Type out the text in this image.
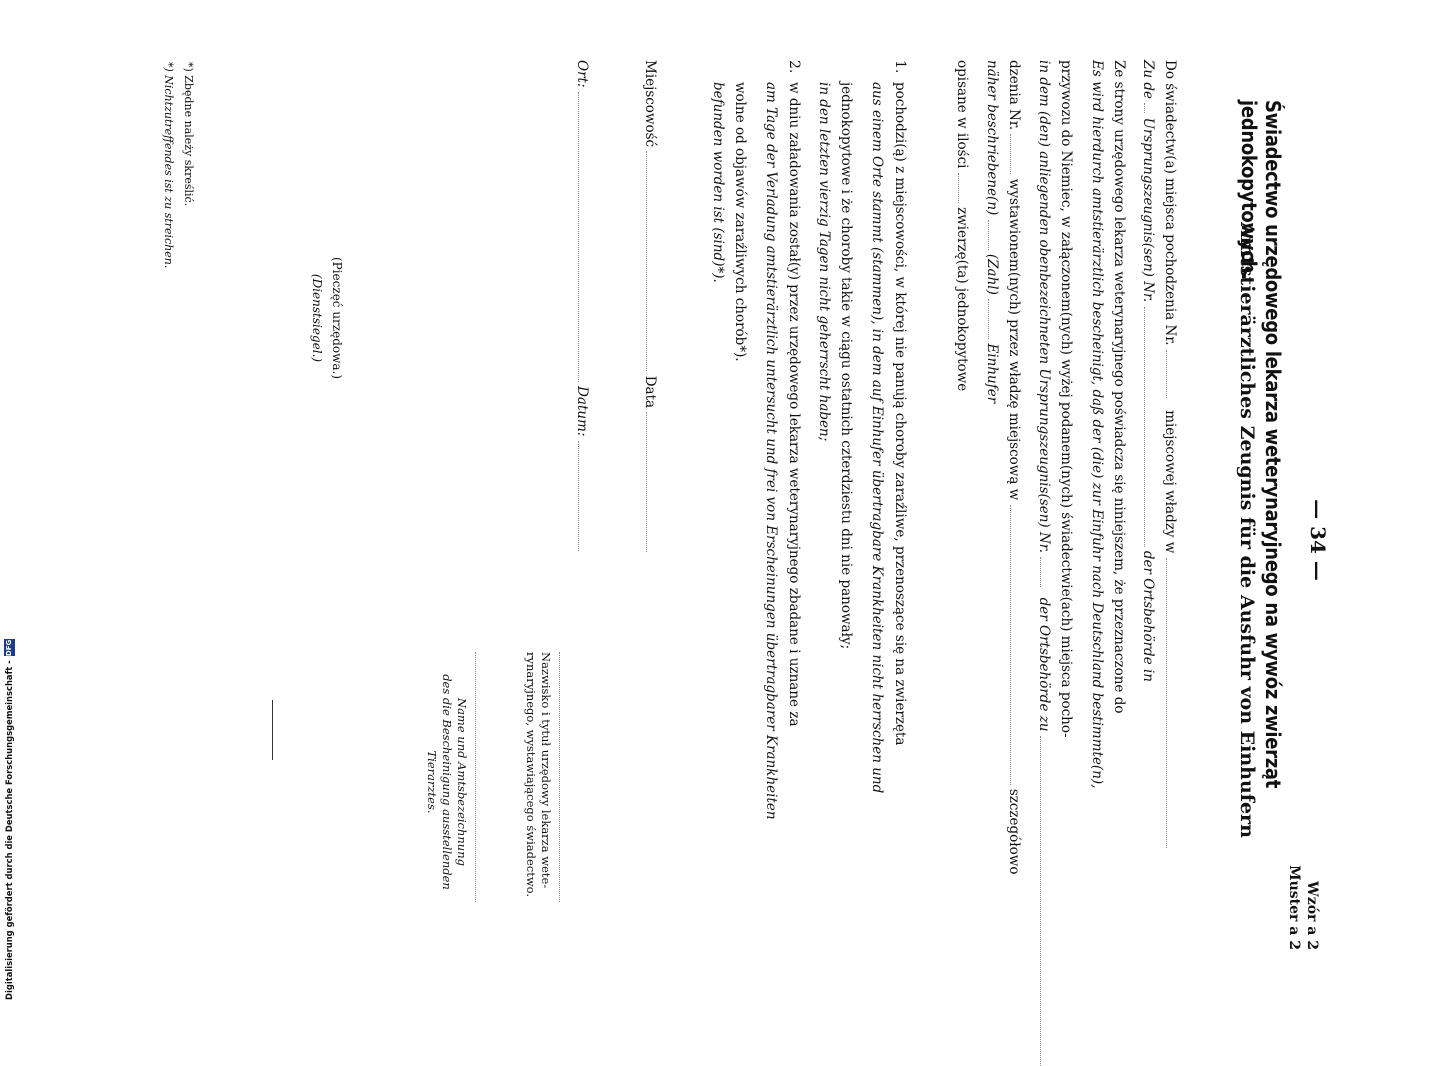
Digitalisierung gefördert durch die Deutsche Forschungsgemeinschaft -
DFG
— 34 —
Wzór a 2
Muster a 2
Świadectwo urzędowego lekarza weterynaryjnego na wywóz zwierząt jednokopytowych.
Amtstierärztliches Zeugnis für die Ausfuhr von Einhufern
Do świadectw(a) miejsca pochodzenia Nr.  miejscowej władzy w
Zu de  Ursprungszeugnis(sen) Nr.  der Ortsbehörde in
Ze strony urzędowego lekarza weterynaryjnego poświadcza się niniejszem, że przeznaczone do
Es wird hierdurch amtstierärztlich bescheinigt, daß der (die) zur Einfuhr nach Deutschland bestimmte(n),
przywozu do Niemiec, w załączonem(nych) wyżej podanem(nych) świadectwie(ach) miejsca pocho-
in dem (den) anliegenden obenbezeichneten Ursprungszeugnis(sen) Nr.  der Ortsbehörde zu
dzenia Nr.  wystawionem(nych) przez władzę miejscową w  szczegółowo
näher beschriebene(n)  (Zahl)  Einhufer
opisane w ilości  zwierzę(ta) jednokopytowe
1.
pochodzi(ą) z miejscowości, w której nie panują choroby zaraźliwe, przenoszące się na zwierzęta
aus einem Orte stammt (stammen), in dem auf Einhufer übertragbare Krankheiten nicht herrschen und
jednokopytowe i że choroby takie w ciągu ostatnich czterdziestu dni nie panowały;
in den letzten vierzig Tagen nicht geherrscht haben;
2.
w dniu załadowania został(y) przez urzędowego lekarza weterynaryjnego zbadane i uznane za
am Tage der Verladung amtstierärztlich untersucht und frei von Erscheinungen übertragbarer Krankheiten
wolne od objawów zaraźliwych chorób*).
befunden worden ist (sind)*).
Miejscowość  Data
Ort:  Datum:
Nazwisko i tytuł urzędowy lekarza wete-
rynaryjnego, wystawiającego świadectwo.
Name und Amtsbezeichnung
des die Bescheinigung ausstellenden Tierarztes.
(Pieczęć urzędowa.)
(Dienstsiegel.)
*) Zbędne należy skreślić.
*) Nichtzutreffendes ist zu streichen.
